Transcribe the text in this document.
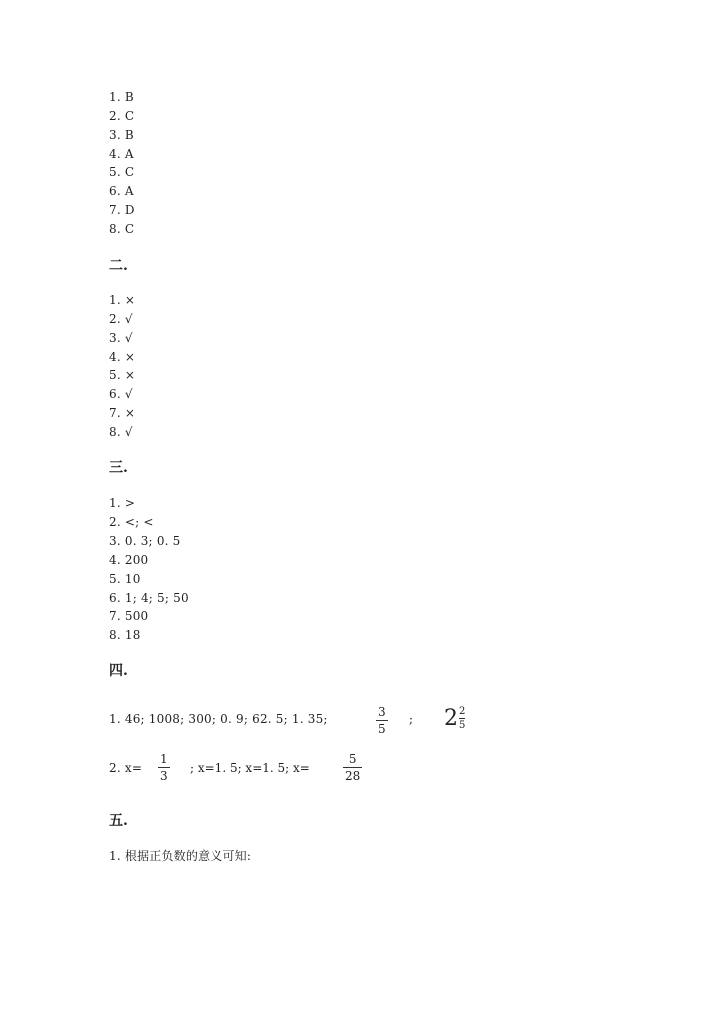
1. B
2. C
3. B
4. A
5. C
6. A
7. D
8. C
二.
1. ×
2. √
3. √
4. ×
5. ×
6. √
7. ×
8. √
三.
1. >
2. <; <
3. 0. 3; 0. 5
4. 200
5. 10
6. 1; 4; 5; 50
7. 500
8. 18
四.
1. 46; 1008; 300; 0. 9; 62. 5; 1. 35;	3
5
; $2 \frac{2}{5}$
2. x=
1
3
; x=1. 5; x=1. 5; x=
5
28
五.
1. 根据正负数的意义可知:
